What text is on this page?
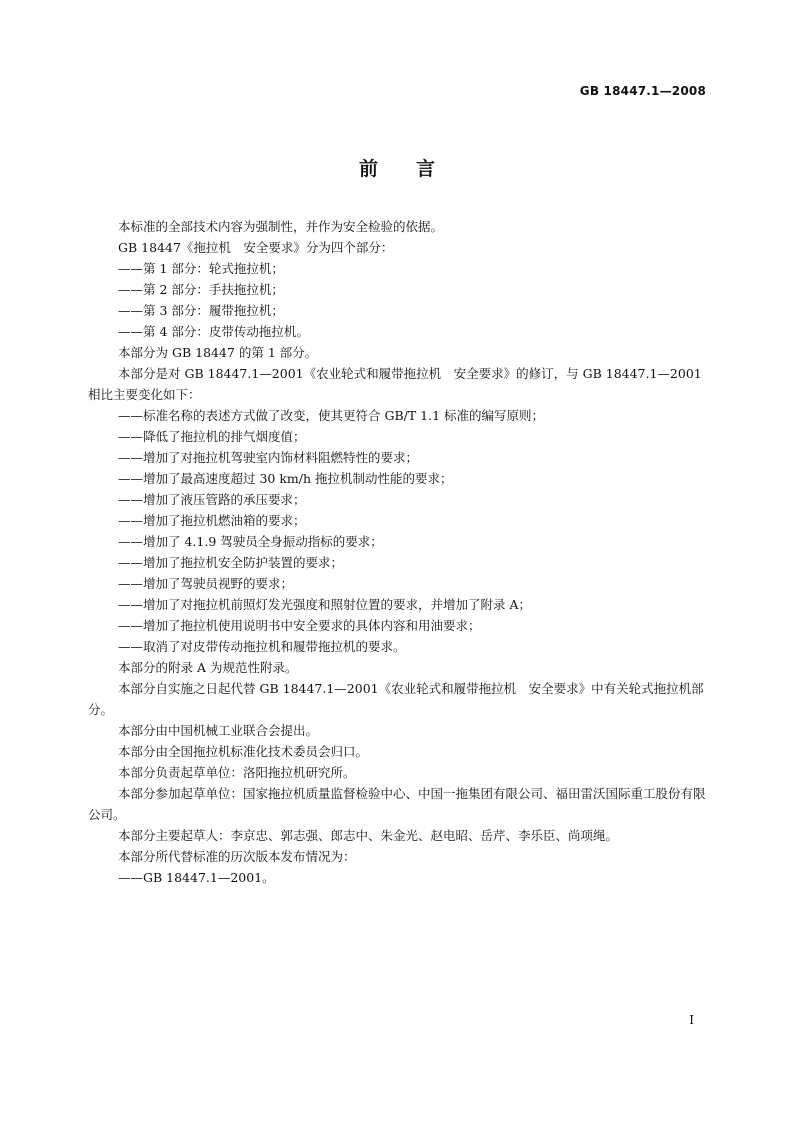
GB 18447.1—2008
前言

本标准的全部技术内容为强制性，并作为安全检验的依据。

GB 18447《拖拉机　安全要求》分为四个部分：

——第 1 部分：轮式拖拉机；

——第 2 部分：手扶拖拉机；

——第 3 部分：履带拖拉机；

——第 4 部分：皮带传动拖拉机。

本部分为 GB 18447 的第 1 部分。

本部分是对 GB 18447.1—2001《农业轮式和履带拖拉机　安全要求》的修订，与 GB 18447.1—2001 相比主要变化如下：

——标准名称的表述方式做了改变，使其更符合 GB/T 1.1 标准的编写原则；

——降低了拖拉机的排气烟度值；

——增加了对拖拉机驾驶室内饰材料阻燃特性的要求；

——增加了最高速度超过 30 km/h 拖拉机制动性能的要求；

——增加了液压管路的承压要求；

——增加了拖拉机燃油箱的要求；

——增加了 4.1.9 驾驶员全身振动指标的要求；

——增加了拖拉机安全防护装置的要求；

——增加了驾驶员视野的要求；

——增加了对拖拉机前照灯发光强度和照射位置的要求，并增加了附录 A；

——增加了拖拉机使用说明书中安全要求的具体内容和用油要求；

——取消了对皮带传动拖拉机和履带拖拉机的要求。

本部分的附录 A 为规范性附录。

本部分自实施之日起代替 GB 18447.1—2001《农业轮式和履带拖拉机　安全要求》中有关轮式拖拉机部分。

本部分由中国机械工业联合会提出。

本部分由全国拖拉机标准化技术委员会归口。

本部分负责起草单位：洛阳拖拉机研究所。

本部分参加起草单位：国家拖拉机质量监督检验中心、中国一拖集团有限公司、福田雷沃国际重工股份有限公司。

本部分主要起草人：李京忠、郭志强、郎志中、朱金光、赵电昭、岳芹、李乐臣、尚项绳。

本部分所代替标准的历次版本发布情况为：

——GB 18447.1—2001。

I
